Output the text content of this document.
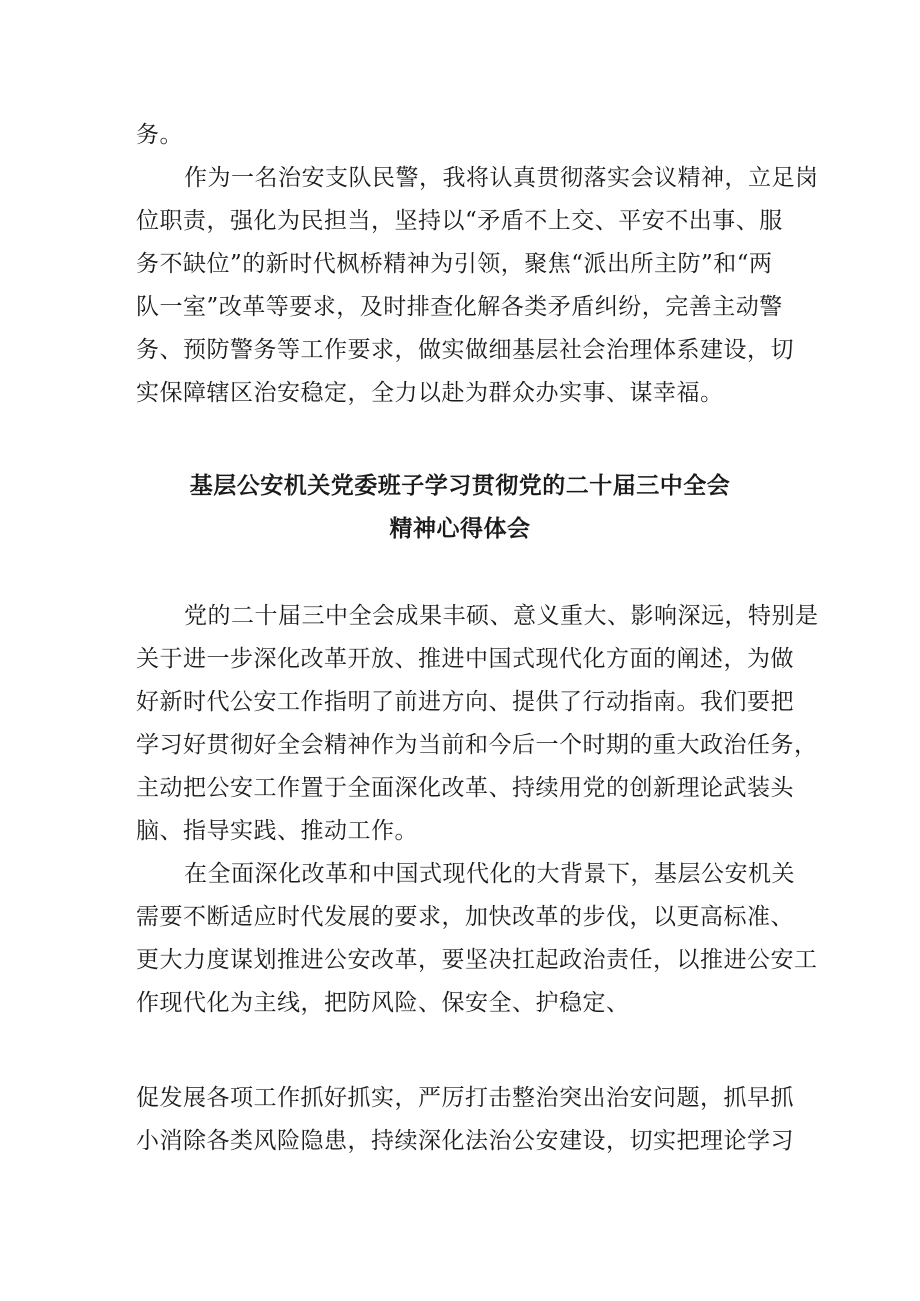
务。
作为一名治安支队民警，我将认真贯彻落实会议精神，立足岗
位职责，强化为民担当，坚持以“矛盾不上交、平安不出事、服
务不缺位”的新时代枫桥精神为引领，聚焦“派出所主防”和“两
队一室”改革等要求，及时排查化解各类矛盾纠纷，完善主动警
务、预防警务等工作要求，做实做细基层社会治理体系建设，切
实保障辖区治安稳定，全力以赴为群众办实事、谋幸福。
基层公安机关党委班子学习贯彻党的二十届三中全会
精神心得体会
党的二十届三中全会成果丰硕、意义重大、影响深远，特别是
关于进一步深化改革开放、推进中国式现代化方面的阐述，为做
好新时代公安工作指明了前进方向、提供了行动指南。我们要把
学习好贯彻好全会精神作为当前和今后一个时期的重大政治任务，
主动把公安工作置于全面深化改革、持续用党的创新理论武装头
脑、指导实践、推动工作。
在全面深化改革和中国式现代化的大背景下，基层公安机关
需要不断适应时代发展的要求，加快改革的步伐，以更高标准、
更大力度谋划推进公安改革，要坚决扛起政治责任，以推进公安工
作现代化为主线，把防风险、保安全、护稳定、
促发展各项工作抓好抓实，严厉打击整治突出治安问题，抓早抓
小消除各类风险隐患，持续深化法治公安建设，切实把理论学习
